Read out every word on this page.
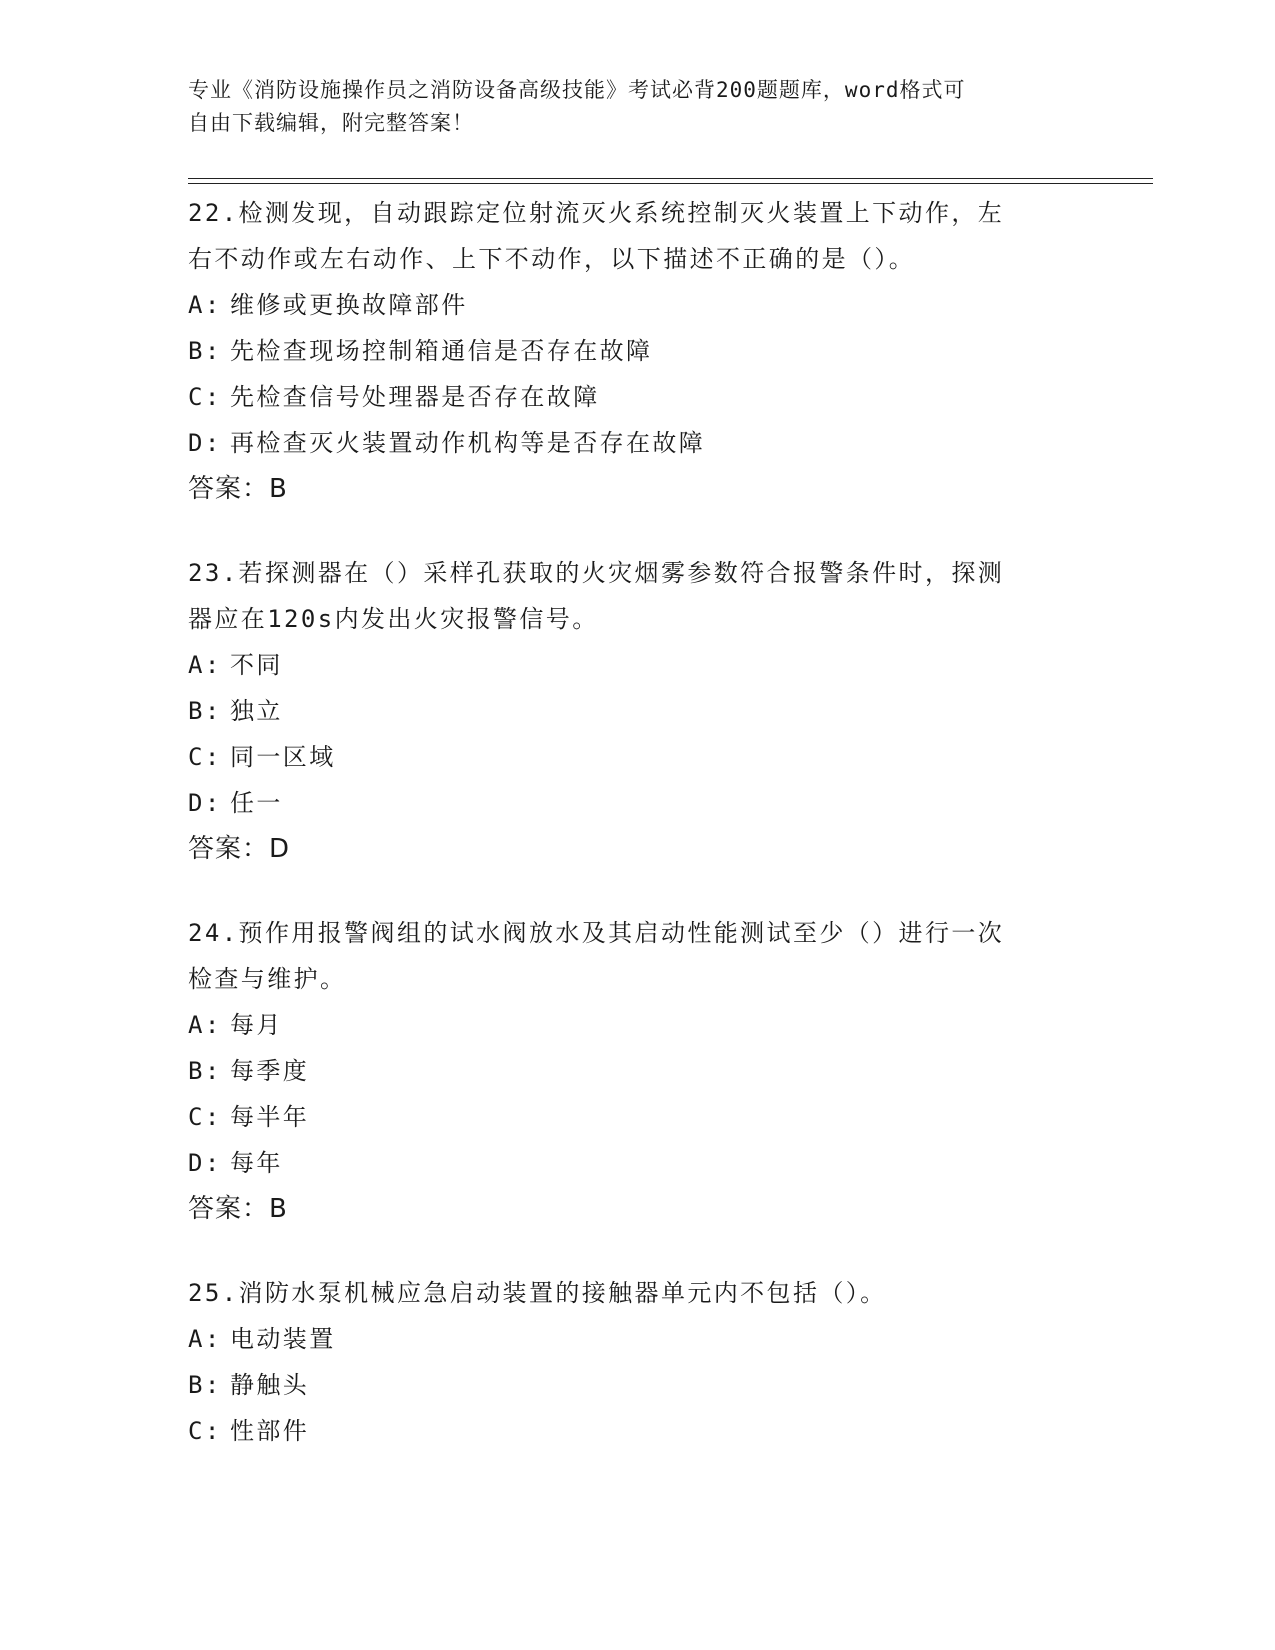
专业《消防设施操作员之消防设备高级技能》考试必背200题题库，word格式可
自由下载编辑，附完整答案！
22.检测发现，自动跟踪定位射流灭火系统控制灭火装置上下动作，左
右不动作或左右动作、上下不动作，以下描述不正确的是（）。
A: 维修或更换故障部件
B: 先检查现场控制箱通信是否存在故障
C: 先检查信号处理器是否存在故障
D: 再检查灭火装置动作机构等是否存在故障
答案：B
23.若探测器在（）采样孔获取的火灾烟雾参数符合报警条件时，探测
器应在120s内发出火灾报警信号。
A: 不同
B: 独立
C: 同一区域
D: 任一
答案：D
24.预作用报警阀组的试水阀放水及其启动性能测试至少（）进行一次
检查与维护。
A: 每月
B: 每季度
C: 每半年
D: 每年
答案：B
25.消防水泵机械应急启动装置的接触器单元内不包括（）。
A: 电动装置
B: 静触头
C: 性部件
